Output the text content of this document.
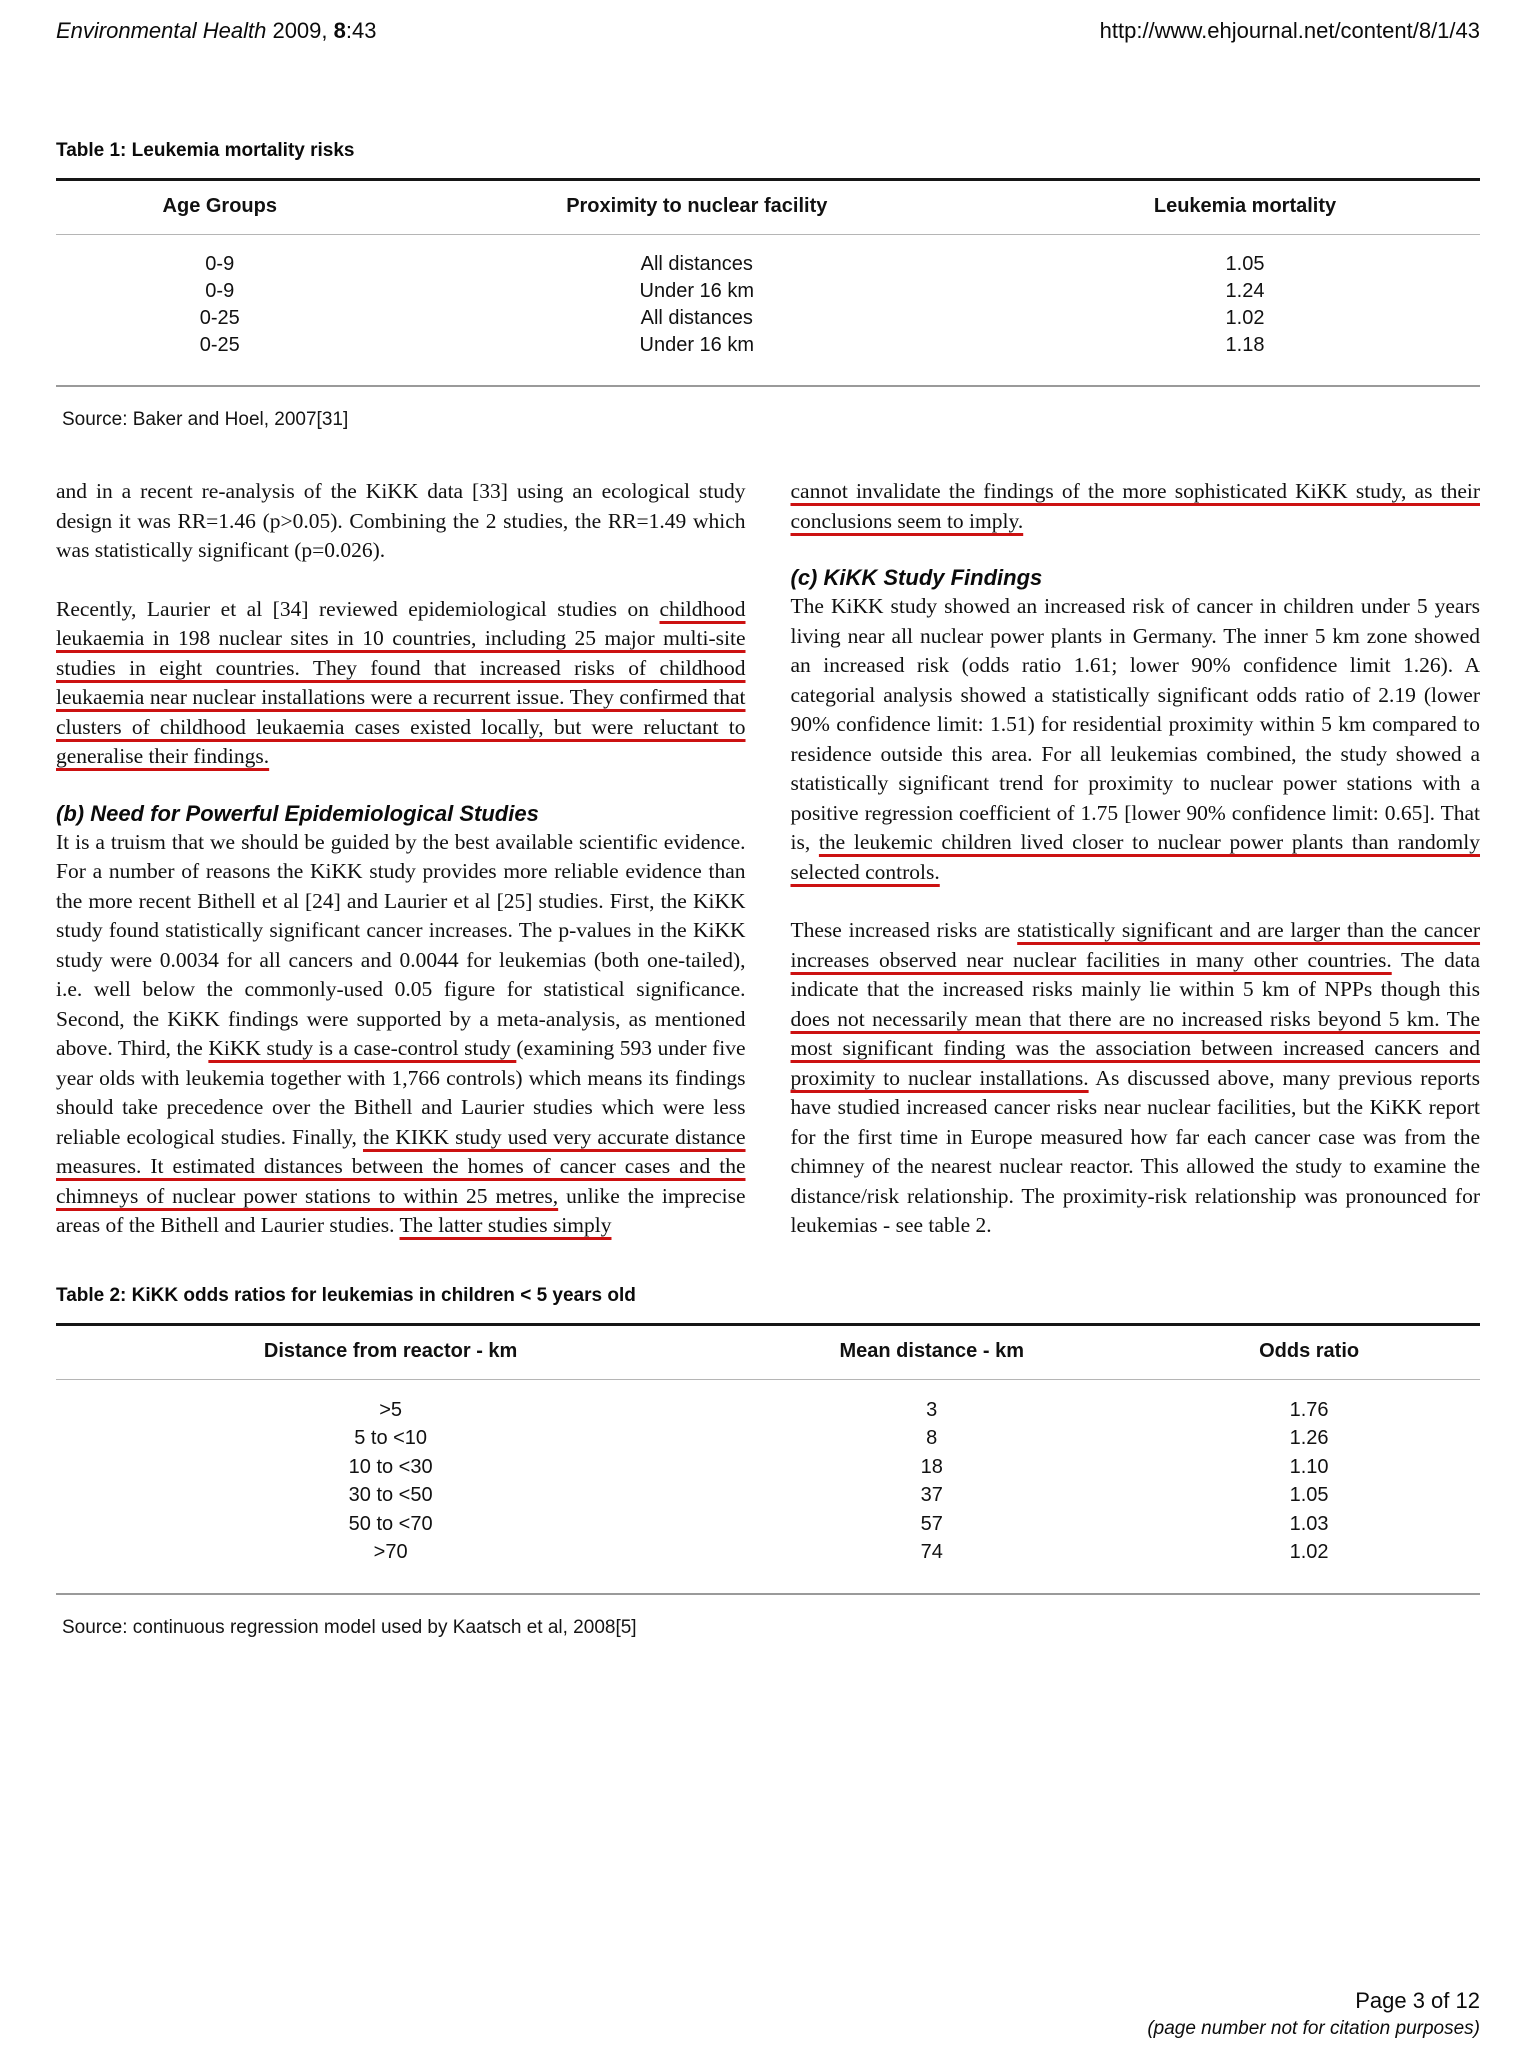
Environmental Health 2009, 8:43	http://www.ehjournal.net/content/8/1/43
Table 1: Leukemia mortality risks
Age Groups	Proximity to nuclear facility	Leukemia mortality
0-9	All distances	1.05
0-9	Under 16 km	1.24
0-25	All distances	1.02
0-25	Under 16 km	1.18
Source: Baker and Hoel, 2007[31]

and in a recent re-analysis of the KiKK data [33] using an ecological study design it was RR=1.46 (p>0.05). Combining the 2 studies, the RR=1.49 which was statistically significant (p=0.026).

Recently, Laurier et al [34] reviewed epidemiological studies on childhood leukaemia in 198 nuclear sites in 10 countries, including 25 major multi-site studies in eight countries. They found that increased risks of childhood leukaemia near nuclear installations were a recurrent issue. They confirmed that clusters of childhood leukaemia cases existed locally, but were reluctant to generalise their findings.

(b) Need for Powerful Epidemiological Studies

It is a truism that we should be guided by the best available scientific evidence. For a number of reasons the KiKK study provides more reliable evidence than the more recent Bithell et al [24] and Laurier et al [25] studies. First, the KiKK study found statistically significant cancer increases. The p-values in the KiKK study were 0.0034 for all cancers and 0.0044 for leukemias (both one-tailed), i.e. well below the commonly-used 0.05 figure for statistical significance. Second, the KiKK findings were supported by a meta-analysis, as mentioned above. Third, the KiKK study is a case-control study (examining 593 under five year olds with leukemia together with 1,766 controls) which means its findings should take precedence over the Bithell and Laurier studies which were less reliable ecological studies. Finally, the KIKK study used very accurate distance measures. It estimated distances between the homes of cancer cases and the chimneys of nuclear power stations to within 25 metres, unlike the imprecise areas of the Bithell and Laurier studies. The latter studies simply

cannot invalidate the findings of the more sophisticated KiKK study, as their conclusions seem to imply.

(c) KiKK Study Findings

The KiKK study showed an increased risk of cancer in children under 5 years living near all nuclear power plants in Germany. The inner 5 km zone showed an increased risk (odds ratio 1.61; lower 90% confidence limit 1.26). A categorial analysis showed a statistically significant odds ratio of 2.19 (lower 90% confidence limit: 1.51) for residential proximity within 5 km compared to residence outside this area. For all leukemias combined, the study showed a statistically significant trend for proximity to nuclear power stations with a positive regression coefficient of 1.75 [lower 90% confidence limit: 0.65]. That is, the leukemic children lived closer to nuclear power plants than randomly selected controls.

These increased risks are statistically significant and are larger than the cancer increases observed near nuclear facilities in many other countries. The data indicate that the increased risks mainly lie within 5 km of NPPs though this does not necessarily mean that there are no increased risks beyond 5 km. The most significant finding was the association between increased cancers and proximity to nuclear installations. As discussed above, many previous reports have studied increased cancer risks near nuclear facilities, but the KiKK report for the first time in Europe measured how far each cancer case was from the chimney of the nearest nuclear reactor. This allowed the study to examine the distance/risk relationship. The proximity-risk relationship was pronounced for leukemias - see table 2.

Table 2: KiKK odds ratios for leukemias in children < 5 years old
Distance from reactor - km	Mean distance - km	Odds ratio
>5	3	1.76
5 to <10	8	1.26
10 to <30	18	1.10
30 to <50	37	1.05
50 to <70	57	1.03
>70	74	1.02
Source: continuous regression model used by Kaatsch et al, 2008[5]
Page 3 of 12
(page number not for citation purposes)
